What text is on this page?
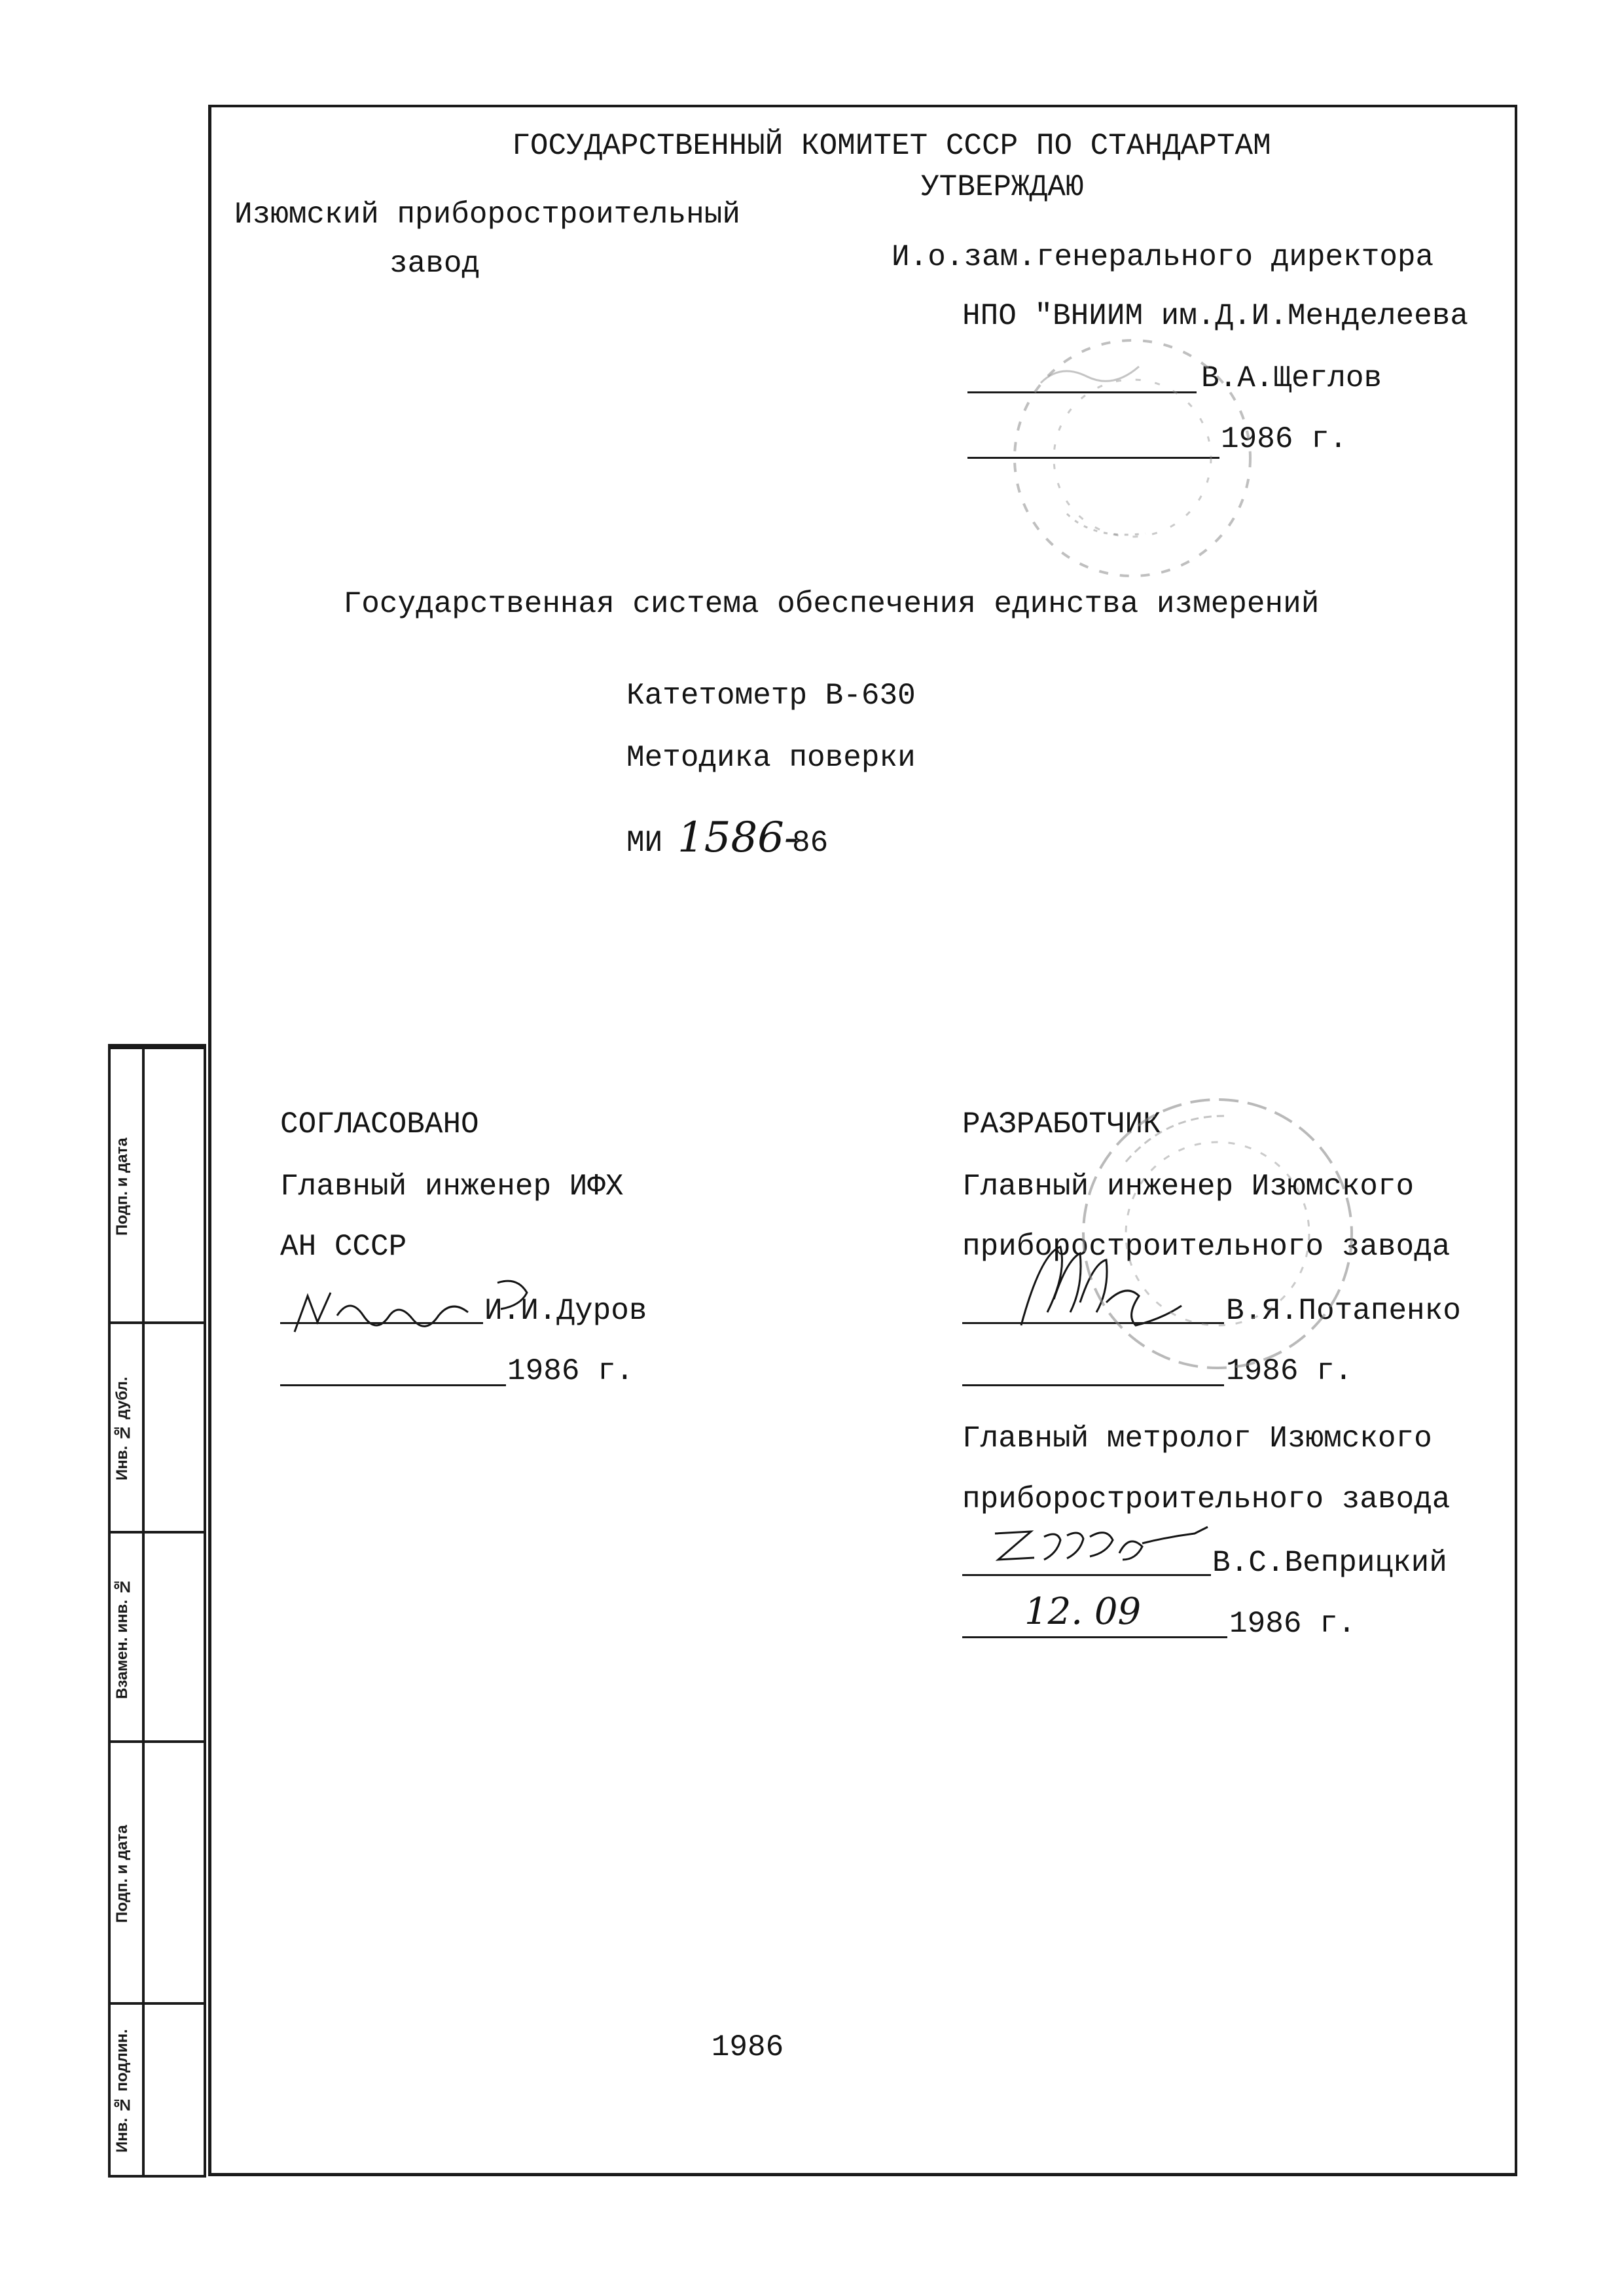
ГОСУДАРСТВЕННЫЙ КОМИТЕТ СССР ПО СТАНДАРТАМ
Изюмский приборостроительный
завод
УТВЕРЖДАЮ
И.о.зам.генерального директора
НПО "ВНИИМ им.Д.И.Менделеева
В.А.Щеглов
1986 г.
Государственная система обеспечения единства измерений
Катетометр В-630
Методика поверки
МИ 1586-
86
СОГЛАСОВАНО
Главный инженер ИФХ
АН СССР
И.И.Дуров
1986 г.
РАЗРАБОТЧИК
Главный инженер Изюмского
приборостроительного завода
В.Я.Потапенко
1986 г.
Главный метролог Изюмского
приборостроительного завода
В.С.Веприцкий
12. 09	1986 г.
1986
Подп. и дата
Инв. № дубл.
Взамен. инв. №
Подп. и дата
Инв. № подлин.
